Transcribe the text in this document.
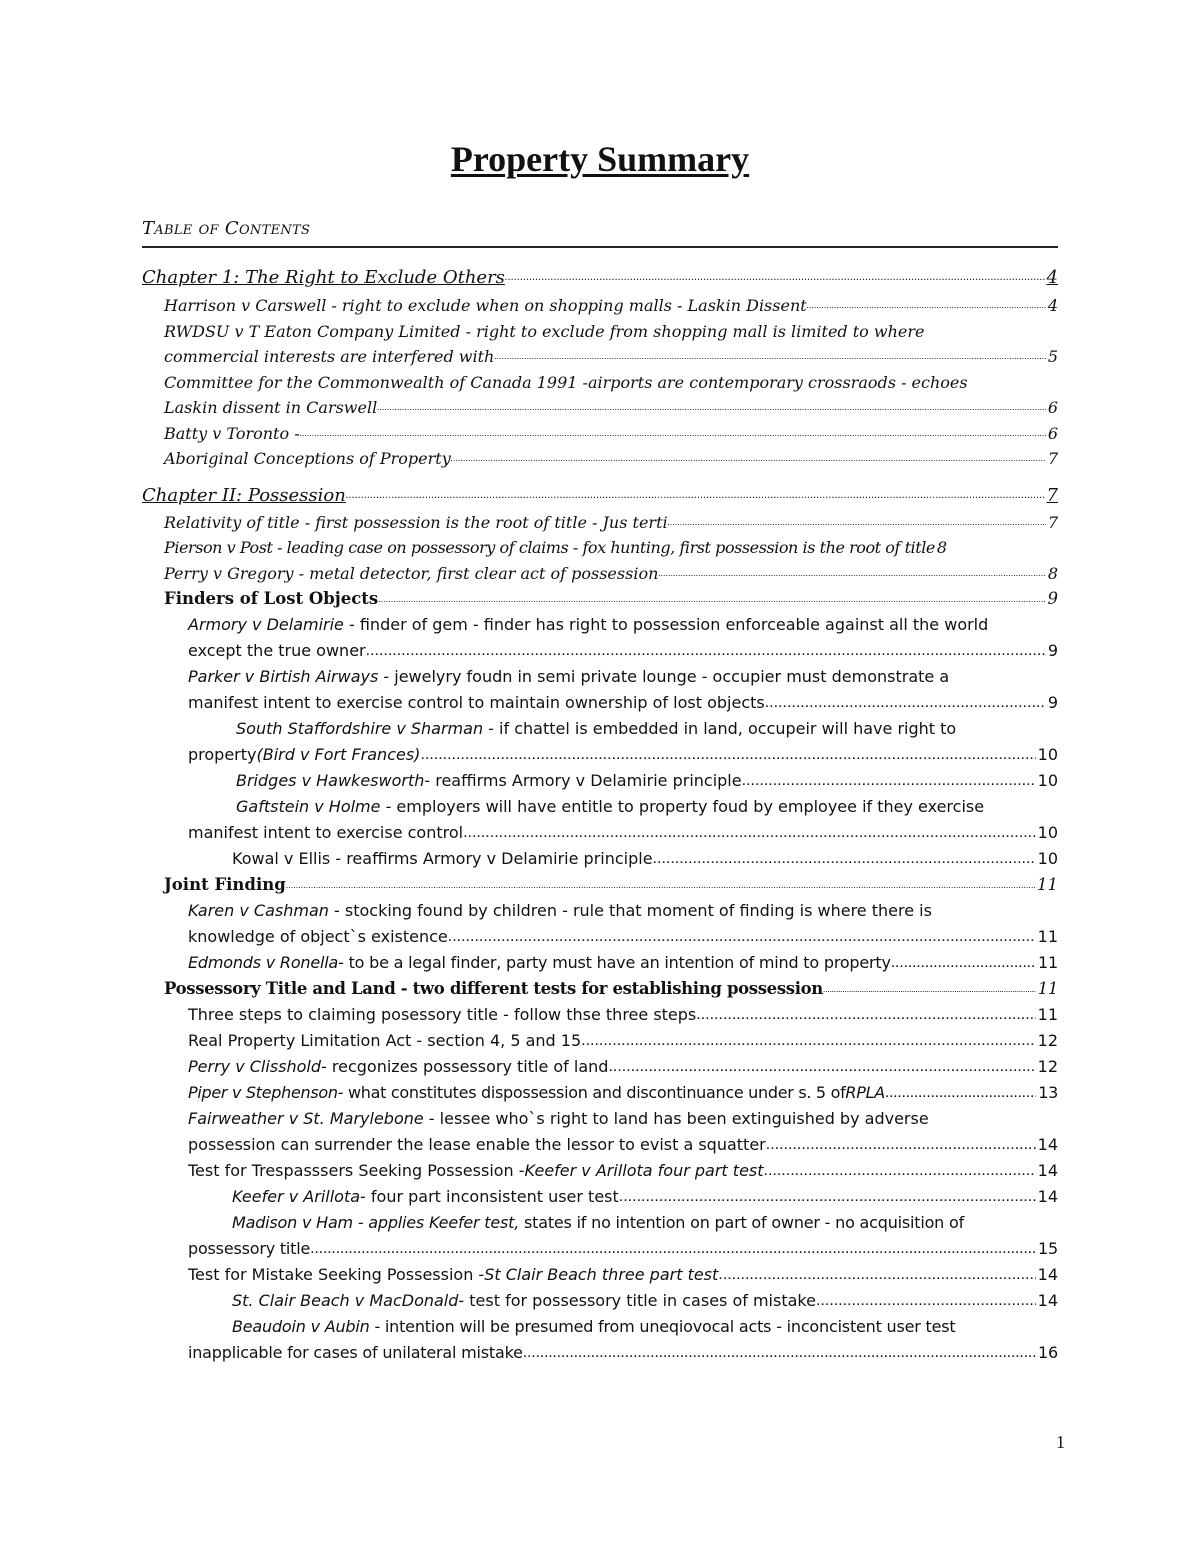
Property Summary
Table of Contents
Chapter 1: The Right to Exclude Others .....	4
Harrison v Carswell - right to exclude when on shopping malls - Laskin Dissent .....	4
RWDSU v T Eaton Company Limited - right to exclude from shopping mall is limited to where
commercial interests are interfered with .....	5
Committee for the Commonwealth of Canada 1991 -airports are contemporary crossraods - echoes
Laskin dissent in Carswell .....	6
Batty v Toronto - .....	6
Aboriginal Conceptions of Property .....	7
Chapter II: Possession .....	7
Relativity of title - first possession is the root of title - Jus terti .....	7
Pierson v Post - leading case on possessory of claims - fox hunting, first possession is the root of title 8
Perry v Gregory - metal detector, first clear act of possession .....	8
Finders of Lost Objects .....	9
Armory v Delamirie - finder of gem - finder has right to possession enforceable against all the world
except the true owner .....	9
Parker v Birtish Airways - jewelyry foudn in semi private lounge - occupier must demonstrate a
manifest intent to exercise control to maintain ownership of lost objects .....	9
South Staffordshire v Sharman - if chattel is embedded in land, occupeir will have right to
property (Bird v Fort Frances) .....	10
Bridges v Hawkesworth - reaffirms Armory v Delamirie principle .....	10
Gaftstein v Holme - employers will have entitle to property foud by employee if they exercise
manifest intent to exercise control .....	10
Kowal v Ellis - reaffirms Armory v Delamirie principle .....	10
Joint Finding .....	11
Karen v Cashman - stocking found by children - rule that moment of finding is where there is
knowledge of object`s existence .....	11
Edmonds v Ronella - to be a legal finder, party must have an intention of mind to property .....	11
Possessory Title and Land - two different tests for establishing possession .....	11
Three steps to claiming posessory title - follow thse three steps .....	11
Real Property Limitation Act - section 4, 5 and 15 .....	12
Perry v Clisshold - recgonizes possessory title of land .....	12
Piper v Stephenson - what constitutes dispossession and discontinuance under s. 5 of RPLA .....	13
Fairweather v St. Marylebone - lessee who`s right to land has been extinguished by adverse
possession can surrender the lease enable the lessor to evist a squatter .....	14
Test for Trespasssers Seeking Possession - Keefer v Arillota four part test .....	14
Keefer v Arillota - four part inconsistent user test .....	14
Madison v Ham - applies Keefer test, states if no intention on part of owner - no acquisition of
possessory title .....	15
Test for Mistake Seeking Possession - St Clair Beach three part test .....	14
St. Clair Beach v MacDonald - test for possessory title in cases of mistake .....	14
Beaudoin v Aubin - intention will be presumed from uneqiovocal acts - inconcistent user test
inapplicable for cases of unilateral mistake .....	16
1
